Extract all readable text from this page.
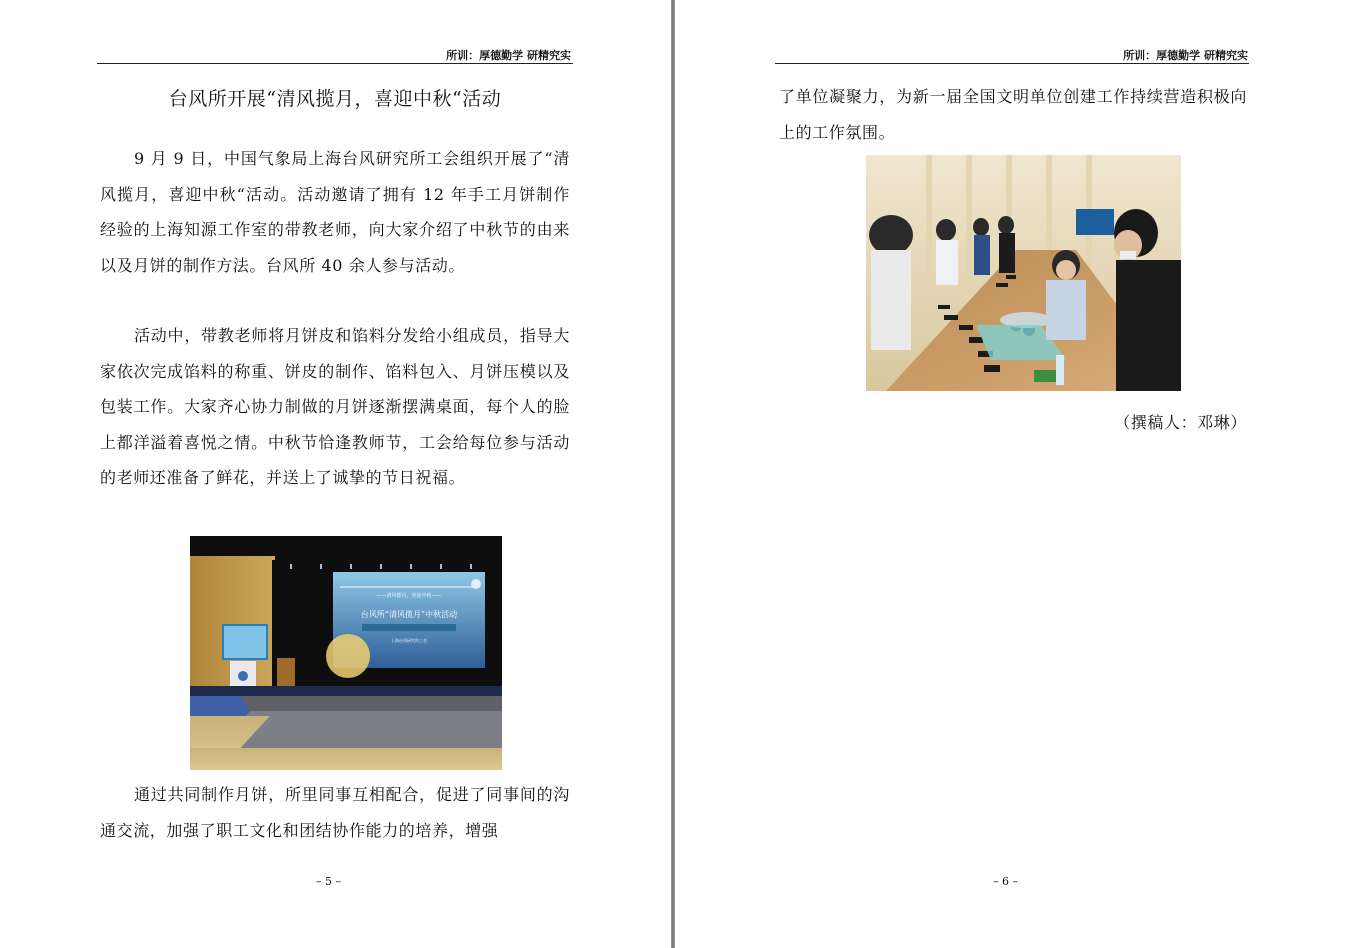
所训：厚德勤学 研精究实
台风所开展“清风揽月，喜迎中秋“活动

9 月 9 日，中国气象局上海台风研究所工会组织开展了“清风揽月，喜迎中秋“活动。活动邀请了拥有 12 年手工月饼制作经验的上海知源工作室的带教老师，向大家介绍了中秋节的由来以及月饼的制作方法。台风所 40 余人参与活动。

活动中，带教老师将月饼皮和馅料分发给小组成员，指导大家依次完成馅料的称重、饼皮的制作、馅料包入、月饼压模以及包装工作。大家齐心协力制做的月饼逐渐摆满桌面，每个人的脸上都洋溢着喜悦之情。中秋节恰逢教师节，工会给每位参与活动的老师还准备了鲜花，并送上了诚挚的节日祝福。

——清风揽月，喜迎中秋——
台风所“清风揽月”中秋活动
上海台风研究所工会

通过共同制作月饼，所里同事互相配合，促进了同事间的沟通交流，加强了职工文化和团结协作能力的培养，增强

– 5 –
所训：厚德勤学 研精究实

了单位凝聚力，为新一届全国文明单位创建工作持续营造积极向上的工作氛围。

（撰稿人：邓琳）
– 6 –
